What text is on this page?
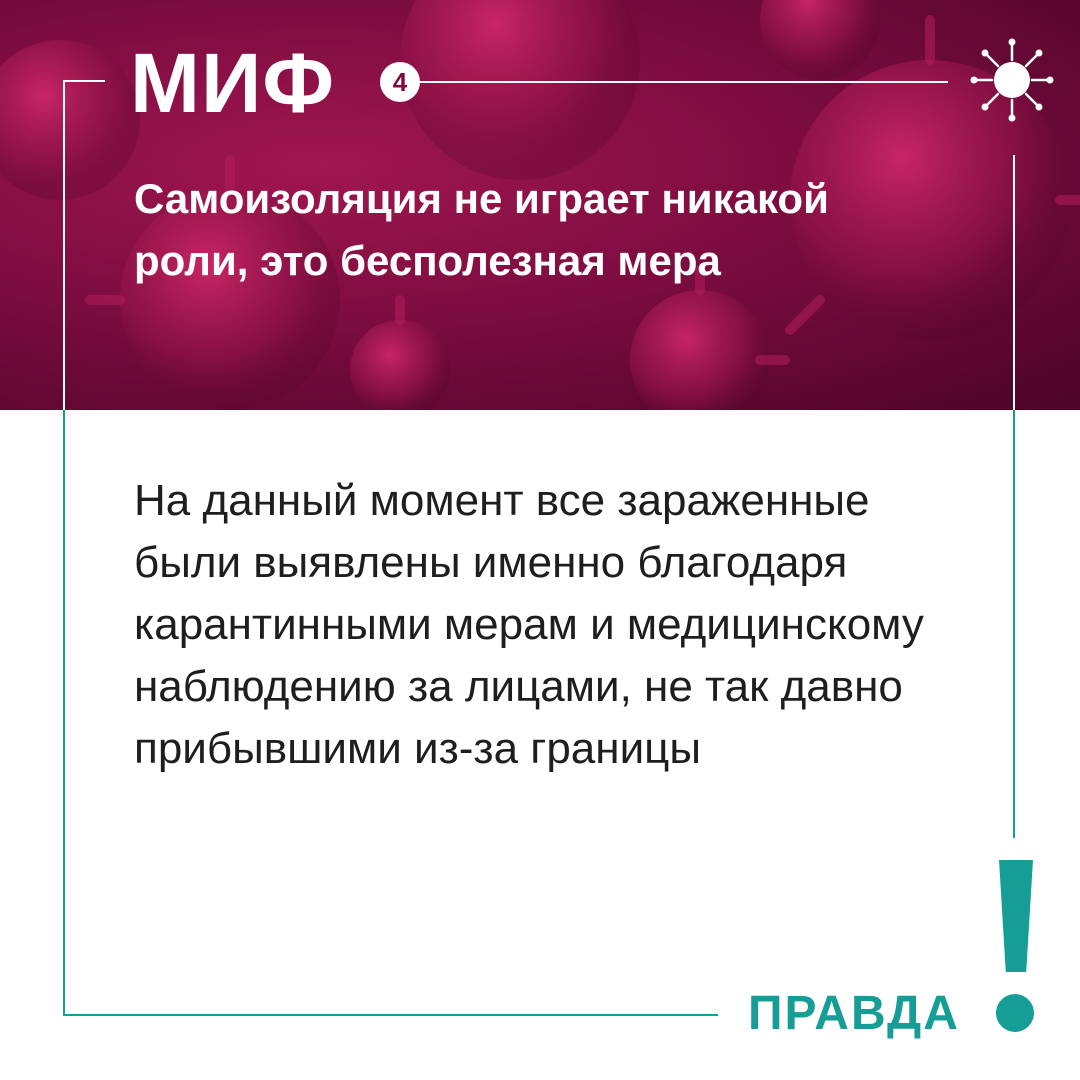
МИФ	4

Самоизоляция не играет никакой роли, это бесполезная мера

На данный момент все зараженные были выявлены именно благодаря карантинными мерам и медицинскому наблюдению за лицами, не так давно прибывшими из-за границы

ПРАВДА
